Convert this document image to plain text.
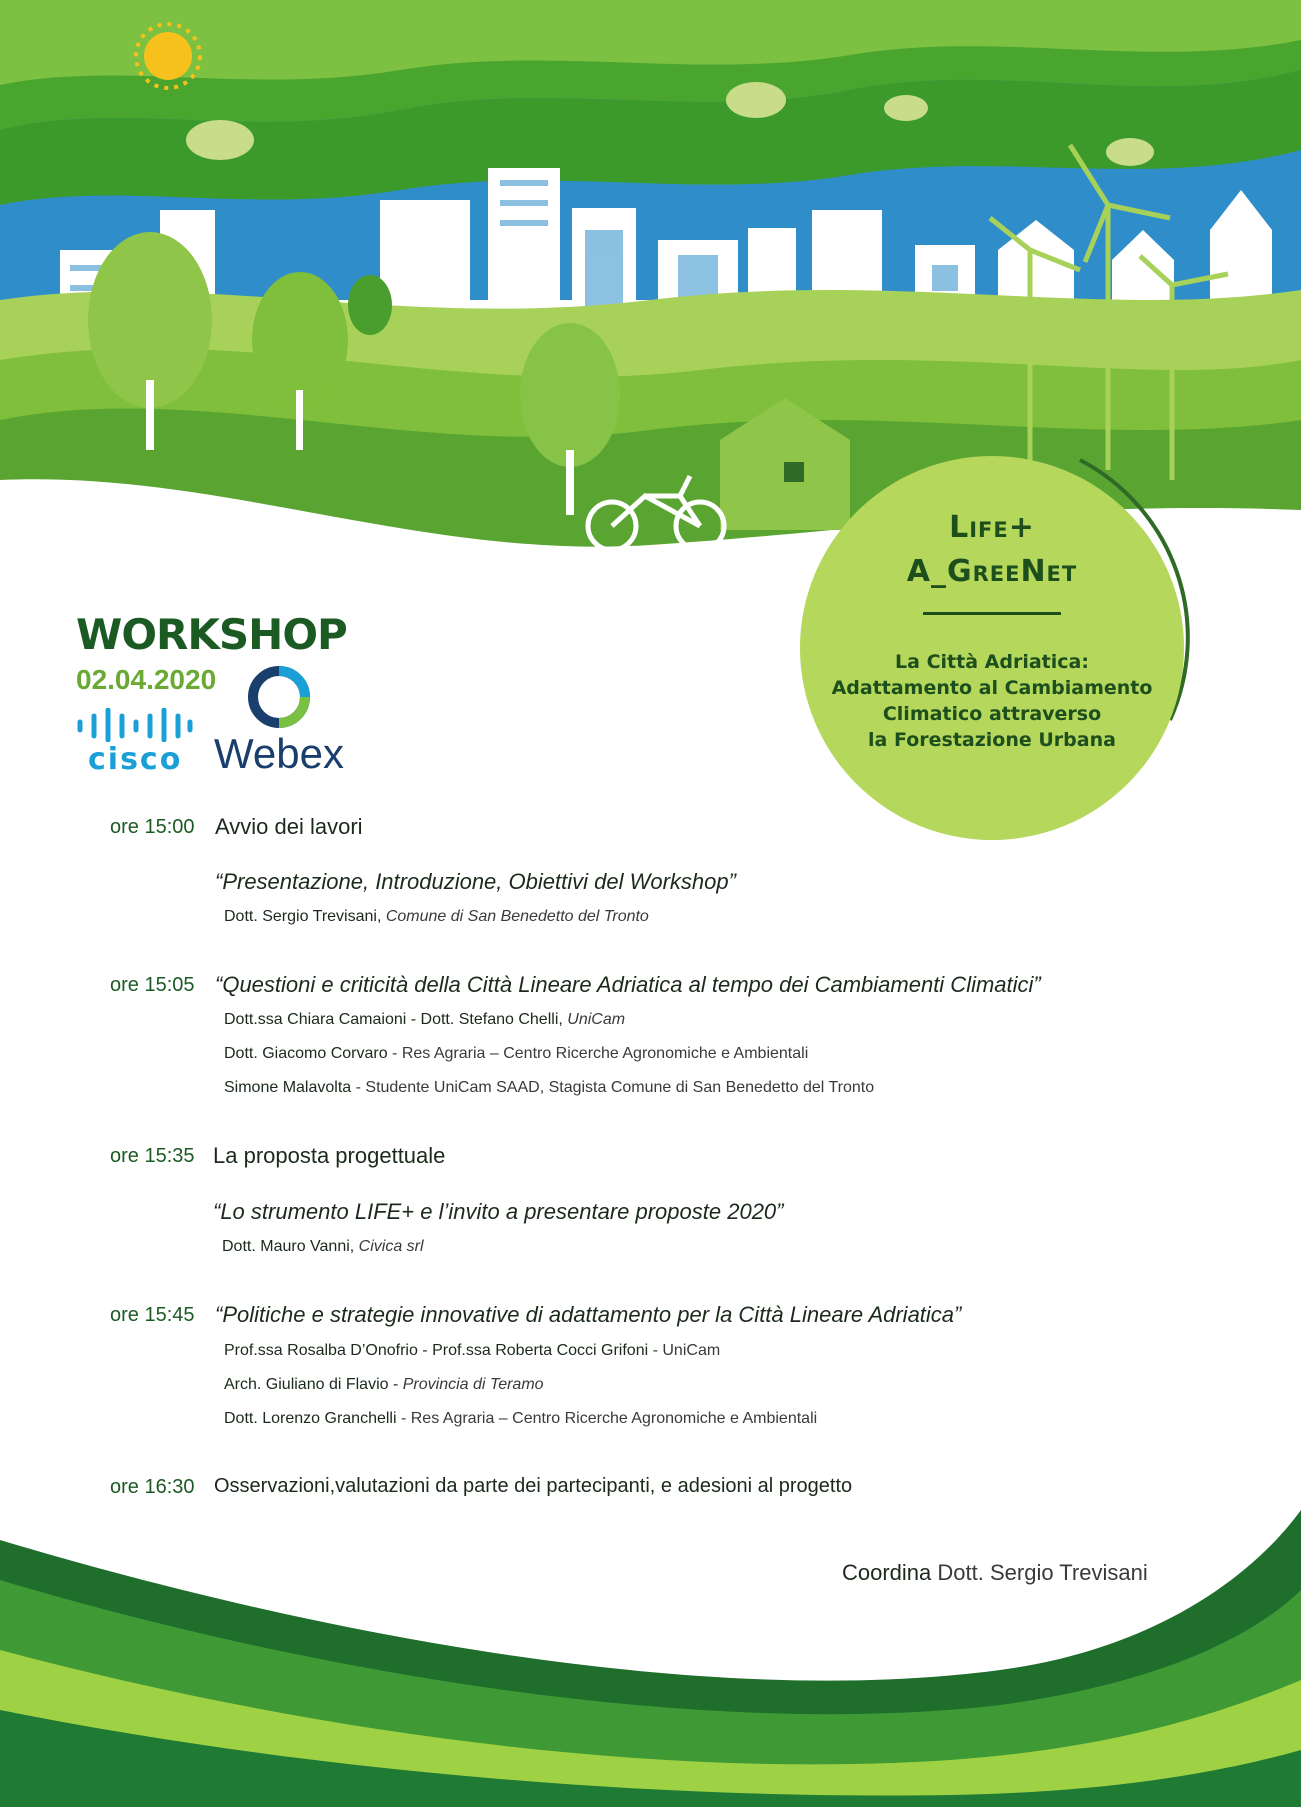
Life+
A_GreeNet
La Città Adriatica:
Adattamento al Cambiamento
Climatico attraverso
la Forestazione Urbana
WORKSHOP
02.04.2020
cisco Webex
ore 15:00 Avvio dei lavori
“Presentazione, Introduzione, Obiettivi del Workshop”
Dott. Sergio Trevisani, Comune di San Benedetto del Tronto
ore 15:05 “Questioni e criticità della Città Lineare Adriatica al tempo dei Cambiamenti Climatici”
Dott.ssa Chiara Camaioni - Dott. Stefano Chelli, UniCam
Dott. Giacomo Corvaro - Res Agraria – Centro Ricerche Agronomiche e Ambientali
Simone Malavolta - Studente UniCam SAAD, Stagista Comune di San Benedetto del Tronto
ore 15:35 La proposta progettuale
“Lo strumento LIFE+ e l’invito a presentare proposte 2020”
Dott. Mauro Vanni, Civica srl
ore 15:45 “Politiche e strategie innovative di adattamento per la Città Lineare Adriatica”
Prof.ssa Rosalba D’Onofrio - Prof.ssa Roberta Cocci Grifoni - UniCam
Arch. Giuliano di Flavio - Provincia di Teramo
Dott. Lorenzo Granchelli - Res Agraria – Centro Ricerche Agronomiche e Ambientali
ore 16:30 Osservazioni,valutazioni da parte dei partecipanti, e adesioni al progetto
Coordina Dott. Sergio Trevisani
